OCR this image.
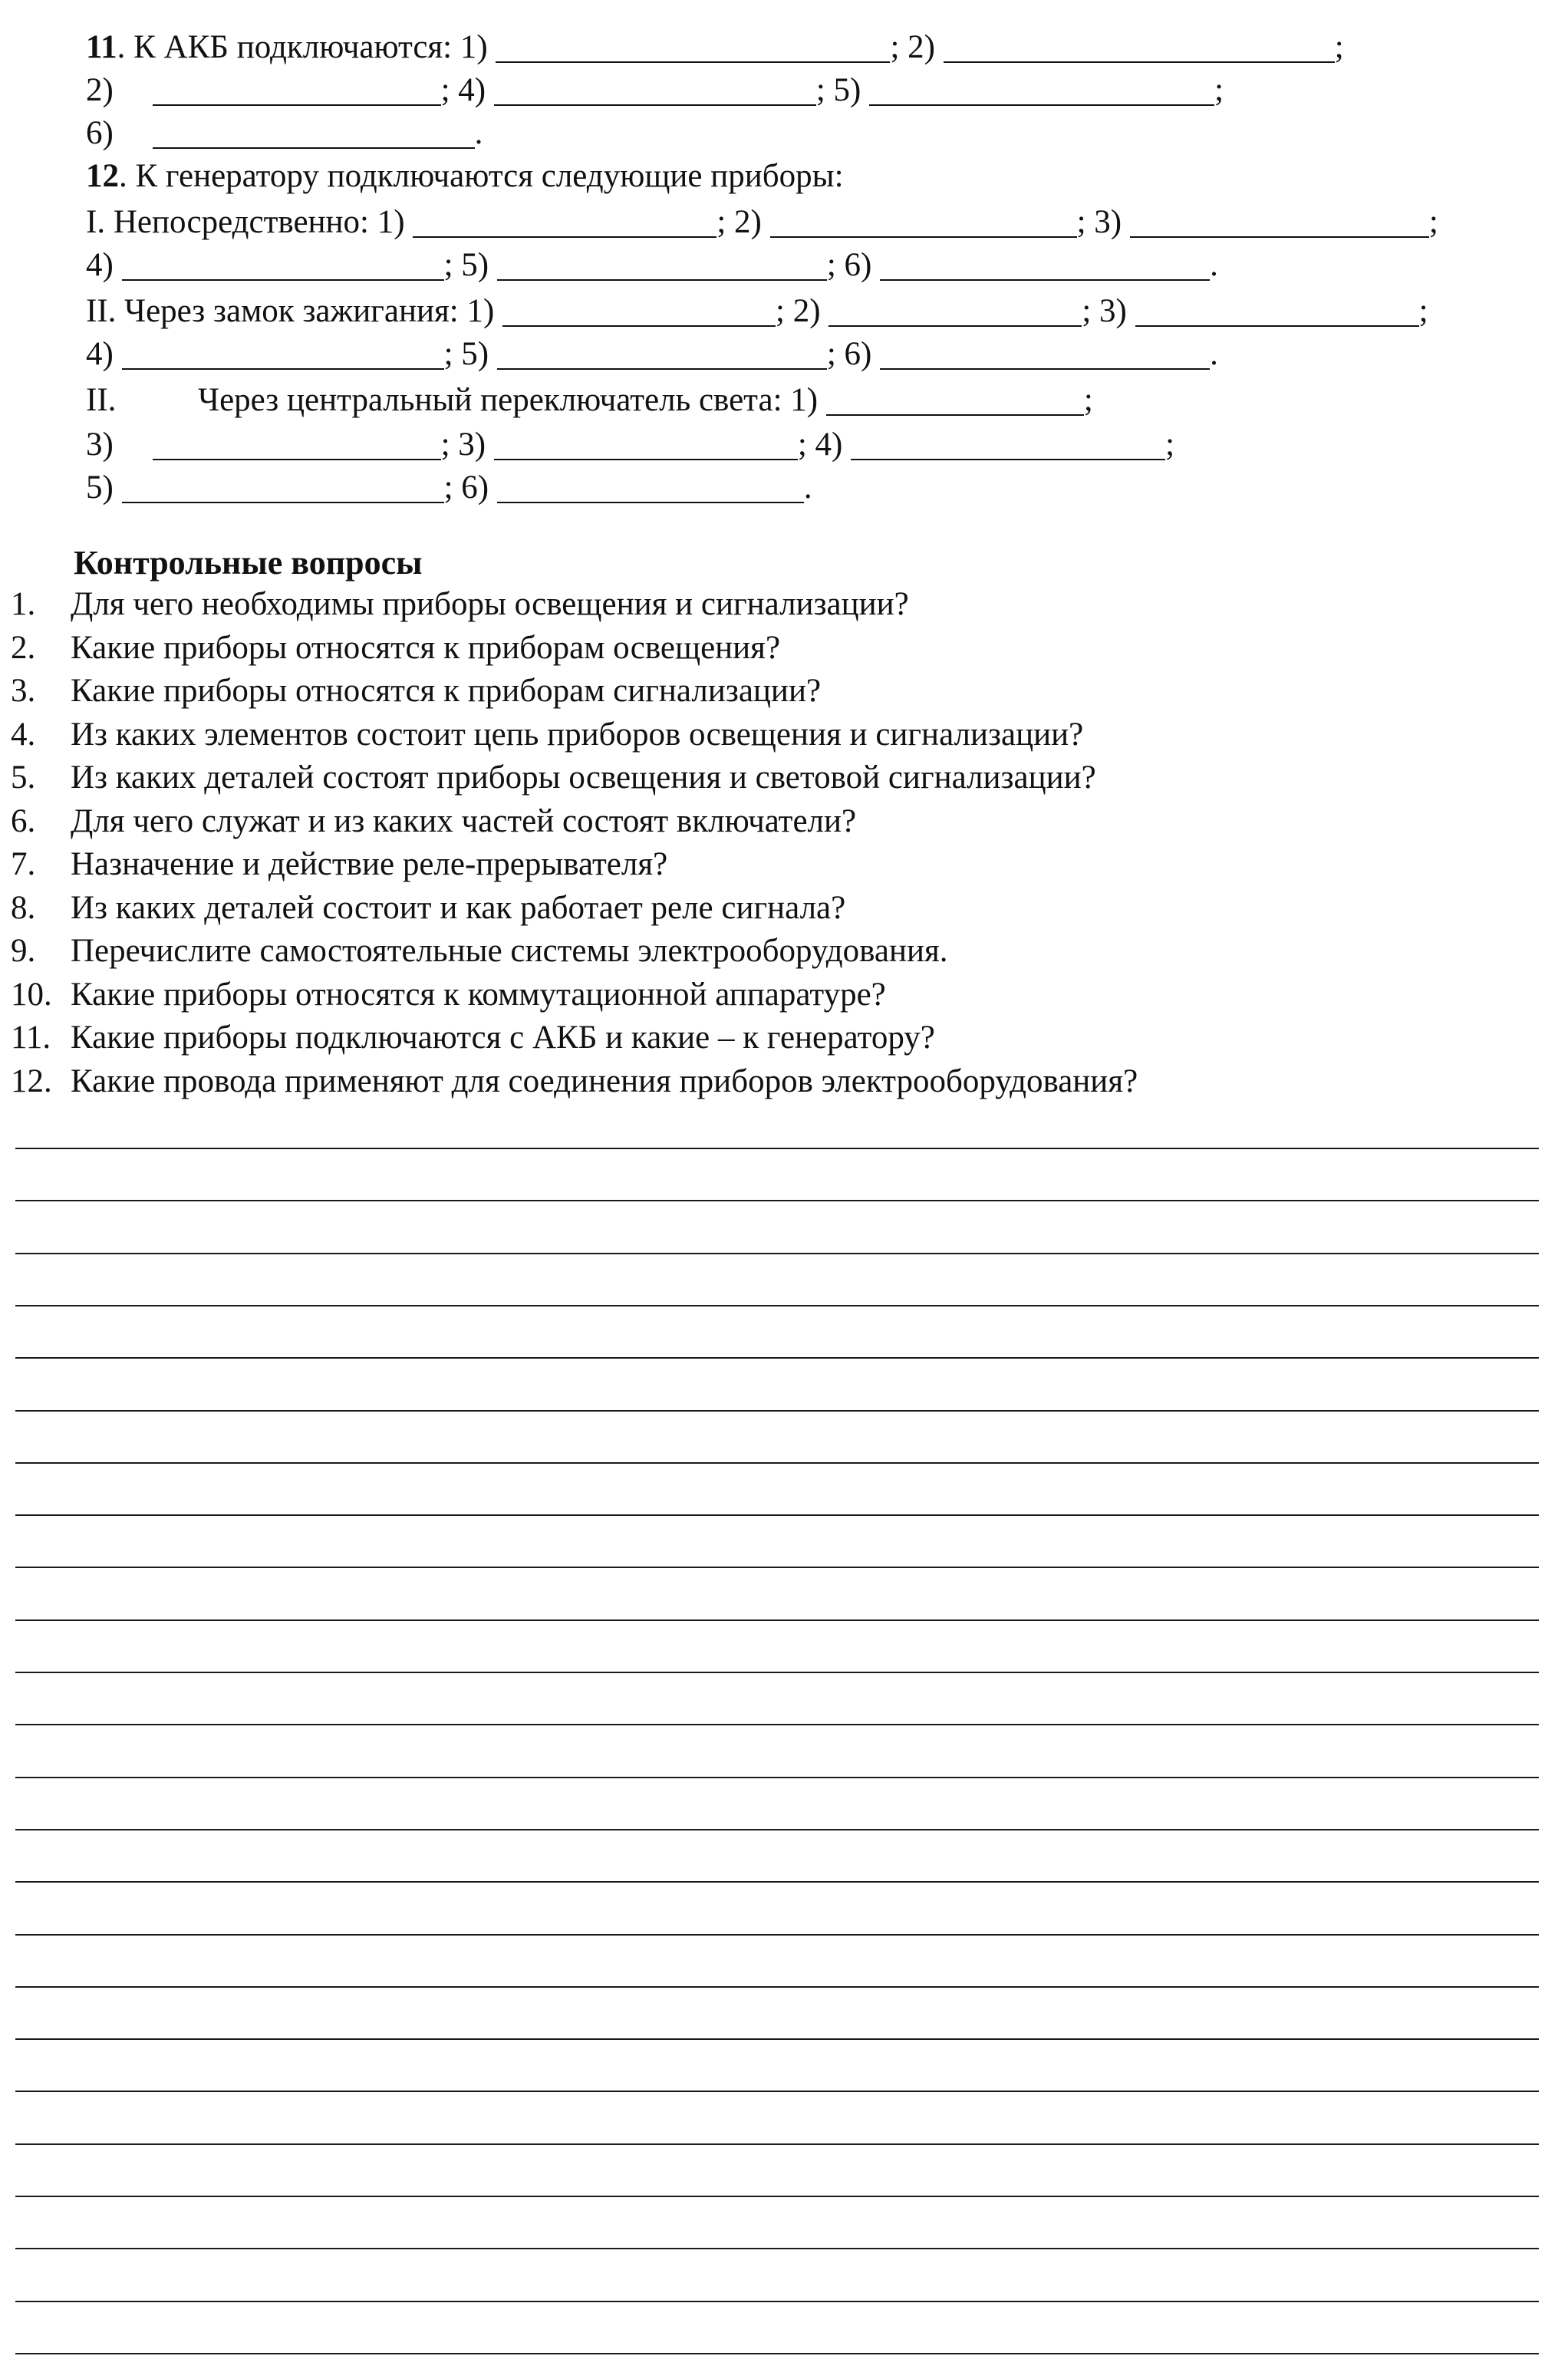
11. К АКБ подключаются: 1)	; 2)	;
2)	; 4)	; 5)	;
6)	.
12. К генератору подключаются следующие приборы:
I. Непосредственно: 1)	; 2)	; 3)	;
4)	; 5)	; 6)	.
II. Через замок зажигания: 1)	; 2)	; 3)	;
4)	; 5)	; 6)	.
II. Через центральный переключатель света: 1)	;
3)	; 3)	; 4)	;
5)	; 6)	.
Контрольные вопросы
1. Для чего необходимы приборы освещения и сигнализации?
2. Какие приборы относятся к приборам освещения?
3. Какие приборы относятся к приборам сигнализации?
4. Из каких элементов состоит цепь приборов освещения и сигнализации?
5. Из каких деталей состоят приборы освещения и световой сигнализации?
6. Для чего служат и из каких частей состоят включатели?
7. Назначение и действие реле-прерывателя?
8. Из каких деталей состоит и как работает реле сигнала?
9. Перечислите самостоятельные системы электрооборудования.
10. Какие приборы относятся к коммутационной аппаратуре?
11. Какие приборы подключаются с АКБ и какие – к генератору?
12. Какие провода применяют для соединения приборов электрооборудования?
